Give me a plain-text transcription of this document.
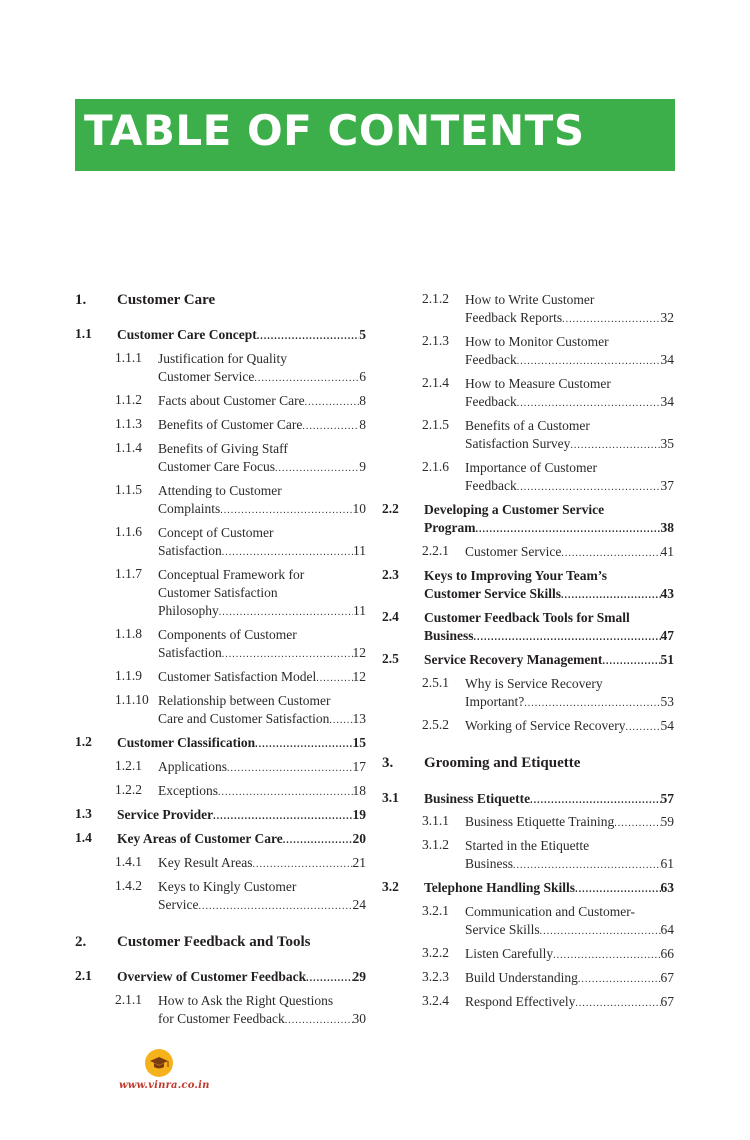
TABLE OF CONTENTS
1. Customer Care
1.1 Customer Care Concept .....	5
1.1.1 Justification for Quality
Customer Service .....	6
1.1.2 Facts about Customer Care .....	8
1.1.3 Benefits of Customer Care .....	8
1.1.4 Benefits of Giving Staff
Customer Care Focus .....	9
1.1.5 Attending to Customer
Complaints .....	10
1.1.6 Concept of Customer
Satisfaction .....	11
1.1.7 Conceptual Framework for
Customer Satisfaction
Philosophy .....	11
1.1.8 Components of Customer
Satisfaction .....	12
1.1.9 Customer Satisfaction Model .....	12
1.1.10 Relationship between Customer
Care and Customer Satisfaction ..... 13
1.2 Customer Classification .....	15
1.2.1 Applications .....	17
1.2.2 Exceptions .....	18
1.3 Service Provider .....	19
1.4 Key Areas of Customer Care .....	20
1.4.1 Key Result Areas .....	21
1.4.2 Keys to Kingly Customer
Service .....	24
2. Customer Feedback and Tools
2.1 Overview of Customer Feedback .....	29
2.1.1 How to Ask the Right Questions
for Customer Feedback .....	30
2.1.2 How to Write Customer
Feedback Reports .....	32
2.1.3 How to Monitor Customer
Feedback .....	34
2.1.4 How to Measure Customer
Feedback .....	34
2.1.5 Benefits of a Customer
Satisfaction Survey .....	35
2.1.6 Importance of Customer
Feedback .....	37
2.2 Developing a Customer Service
Program .....	38
2.2.1 Customer Service .....	41
2.3 Keys to Improving Your Team’s
Customer Service Skills .....	43
2.4 Customer Feedback Tools for Small
Business .....	47
2.5 Service Recovery Management .....	51
2.5.1 Why is Service Recovery
Important? .....	53
2.5.2 Working of Service Recovery .....	54
3. Grooming and Etiquette
3.1 Business Etiquette .....	57
3.1.1 Business Etiquette Training .....	59
3.1.2 Started in the Etiquette
Business .....	61
3.2 Telephone Handling Skills .....	63
3.2.1 Communication and Customer-
Service Skills .....	64
3.2.2 Listen Carefully .....	66
3.2.3 Build Understanding .....	67
3.2.4 Respond Effectively .....	67
www.vinra.co.in
